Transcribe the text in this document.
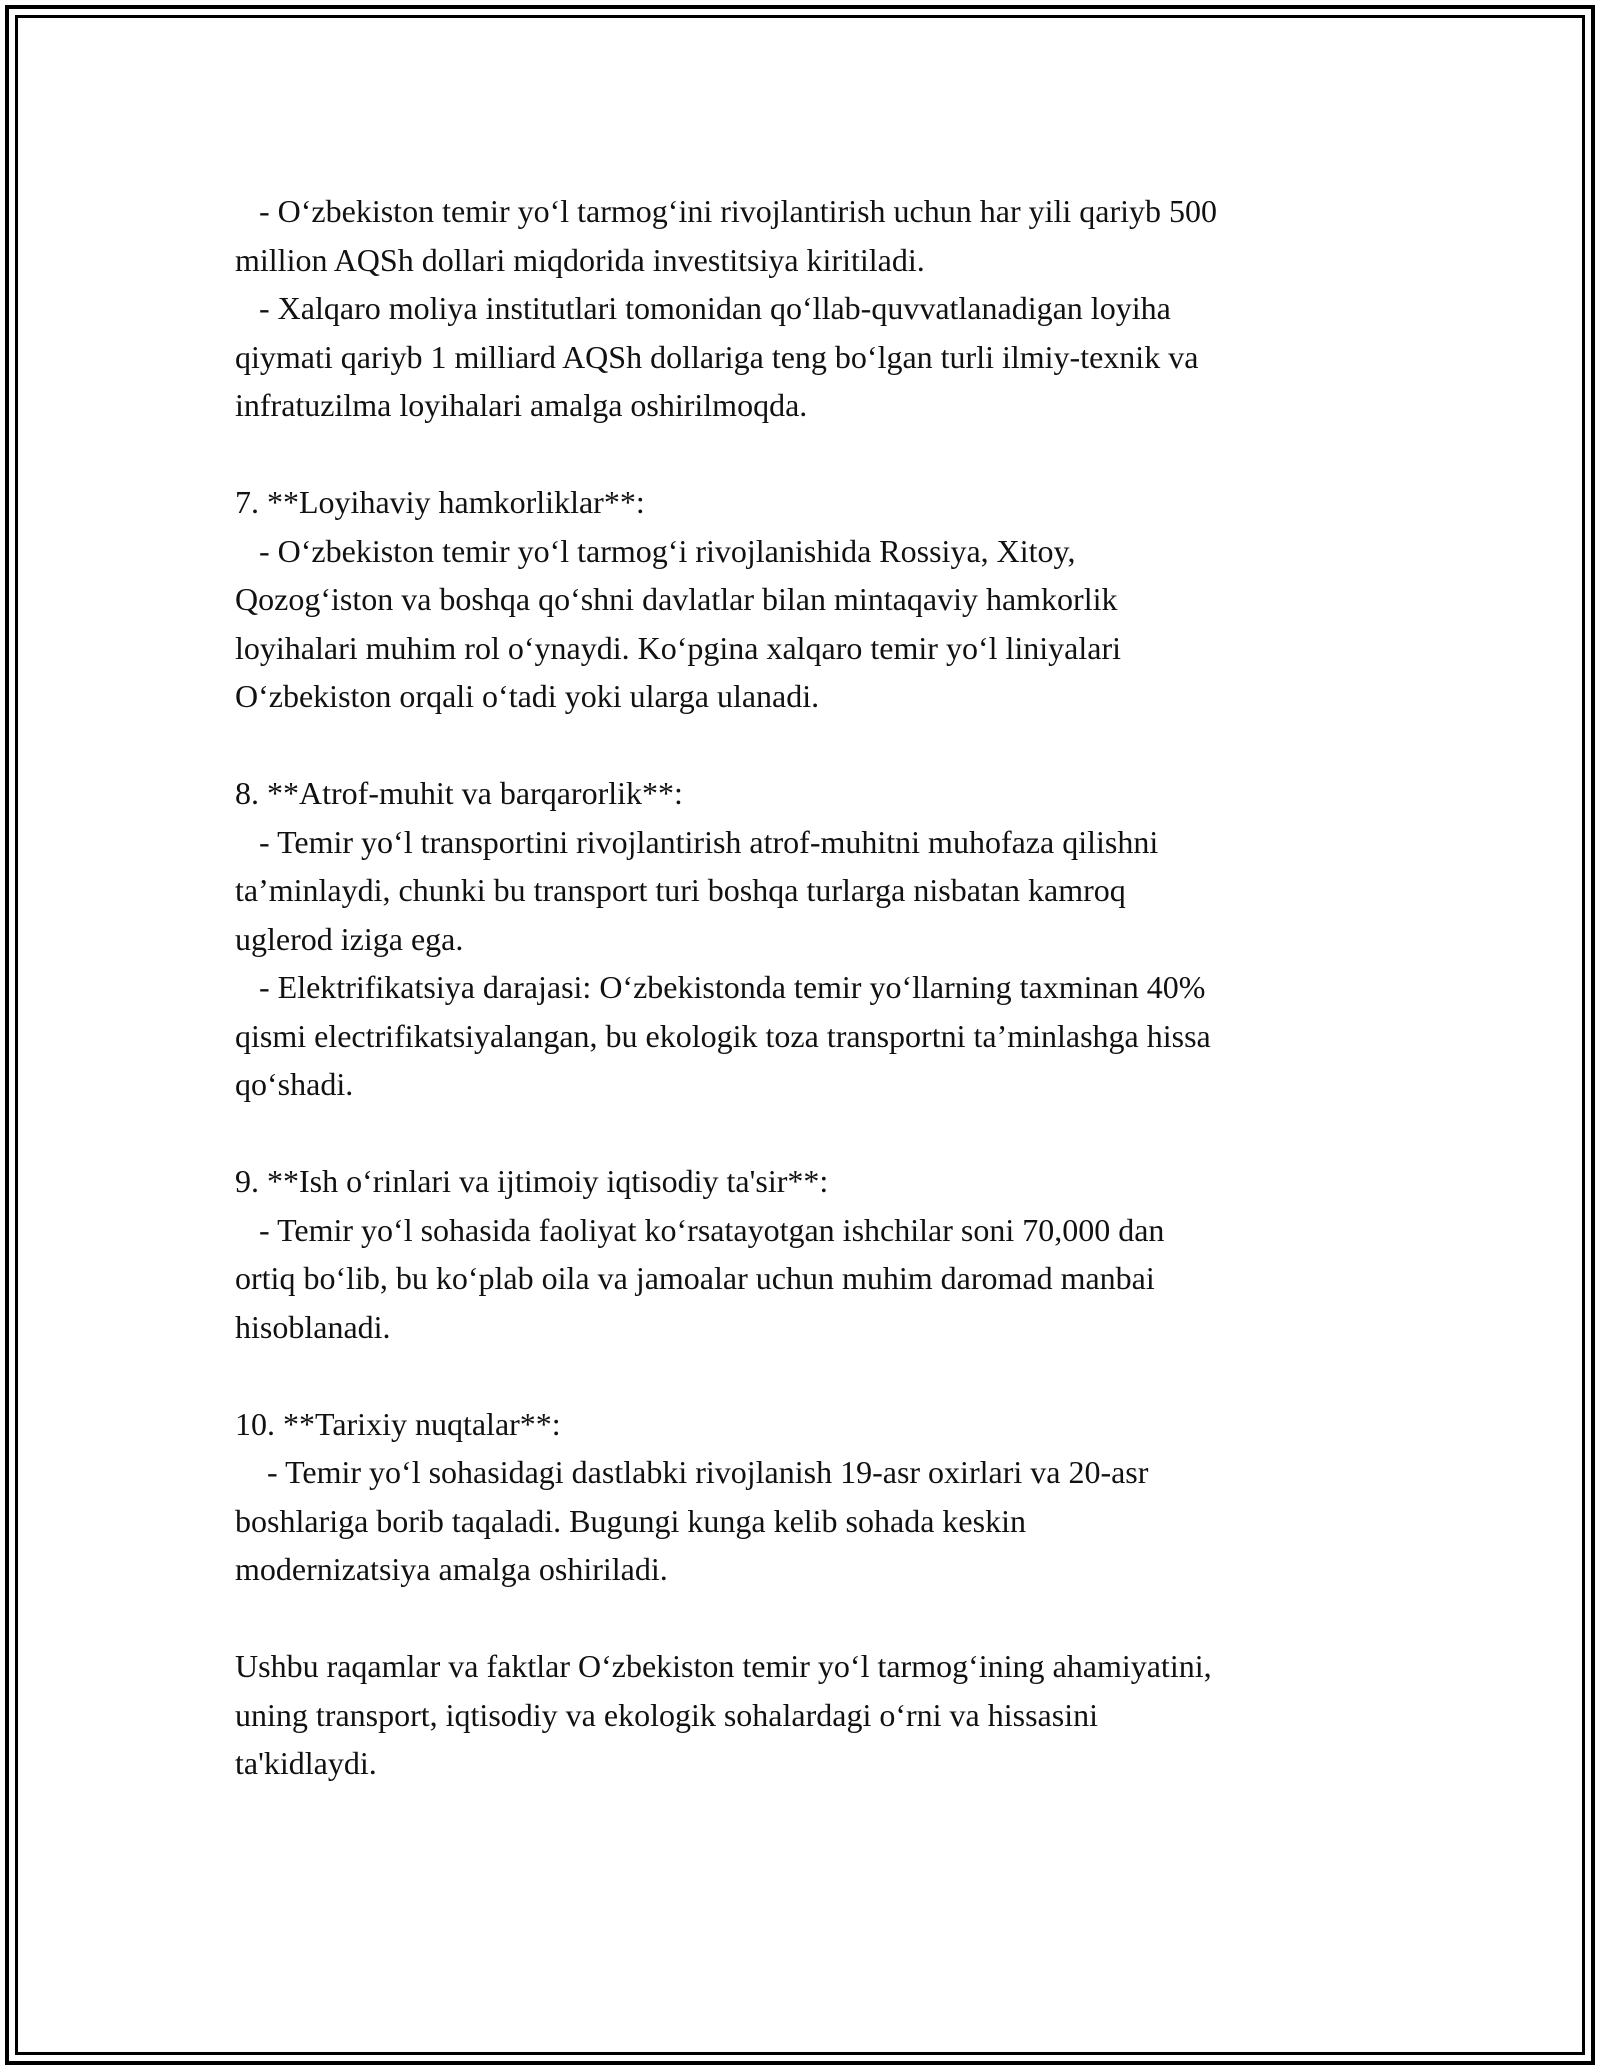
- O‘zbekiston temir yo‘l tarmog‘ini rivojlantirish uchun har yili qariyb 500
million AQSh dollari miqdorida investitsiya kiritiladi.
- Xalqaro moliya institutlari tomonidan qo‘llab-quvvatlanadigan loyiha
qiymati qariyb 1 milliard AQSh dollariga teng bo‘lgan turli ilmiy-texnik va
infratuzilma loyihalari amalga oshirilmoqda.
7. **Loyihaviy hamkorliklar**:
- O‘zbekiston temir yo‘l tarmog‘i rivojlanishida Rossiya, Xitoy,
Qozog‘iston va boshqa qo‘shni davlatlar bilan mintaqaviy hamkorlik
loyihalari muhim rol o‘ynaydi. Ko‘pgina xalqaro temir yo‘l liniyalari
O‘zbekiston orqali o‘tadi yoki ularga ulanadi.
8. **Atrof-muhit va barqarorlik**:
- Temir yo‘l transportini rivojlantirish atrof-muhitni muhofaza qilishni
ta’minlaydi, chunki bu transport turi boshqa turlarga nisbatan kamroq
uglerod iziga ega.
- Elektrifikatsiya darajasi: O‘zbekistonda temir yo‘llarning taxminan 40%
qismi electrifikatsiyalangan, bu ekologik toza transportni ta’minlashga hissa
qo‘shadi.
9. **Ish o‘rinlari va ijtimoiy iqtisodiy ta'sir**:
- Temir yo‘l sohasida faoliyat ko‘rsatayotgan ishchilar soni 70,000 dan
ortiq bo‘lib, bu ko‘plab oila va jamoalar uchun muhim daromad manbai
hisoblanadi.
10. **Tarixiy nuqtalar**:
- Temir yo‘l sohasidagi dastlabki rivojlanish 19-asr oxirlari va 20-asr
boshlariga borib taqaladi. Bugungi kunga kelib sohada keskin
modernizatsiya amalga oshiriladi.
Ushbu raqamlar va faktlar O‘zbekiston temir yo‘l tarmog‘ining ahamiyatini,
uning transport, iqtisodiy va ekologik sohalardagi o‘rni va hissasini
ta'kidlaydi.
